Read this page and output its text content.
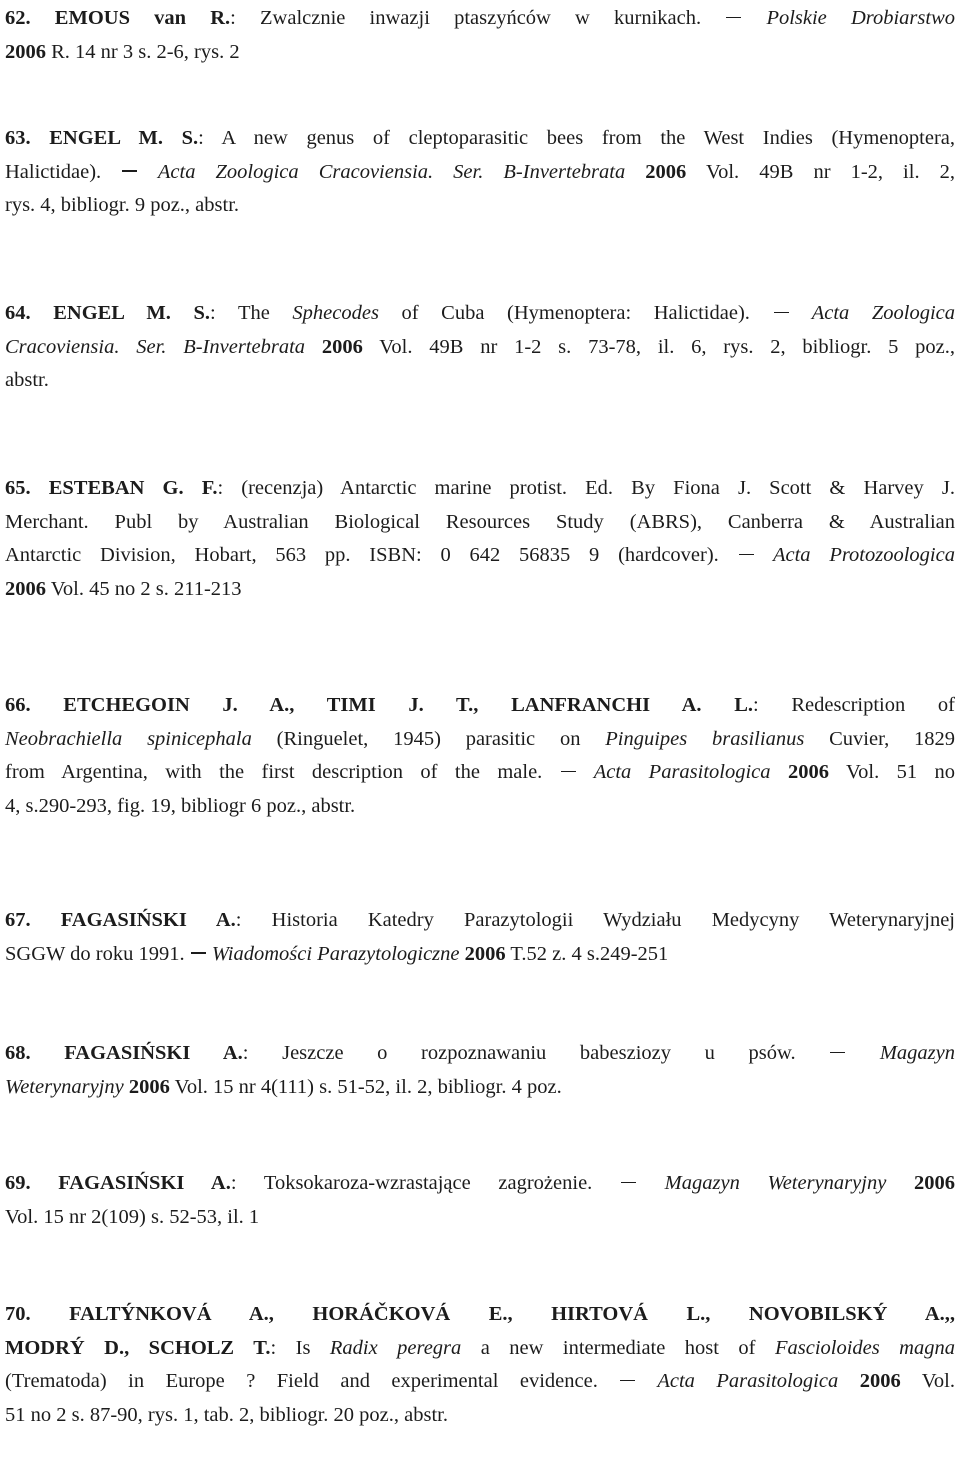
62. EMOUS van R.: Zwalcznie inwazji ptaszyńców w kurnikach.  Polskie Drobiarstwo
2006 R. 14 nr 3 s. 2-6, rys. 2
63. ENGEL M. S.: A new genus of cleptoparasitic bees from the West Indies (Hymenoptera,
Halictidae).  Acta Zoologica Cracoviensia. Ser. B-Invertebrata 2006 Vol. 49B nr 1-2, il. 2,
rys. 4, bibliogr. 9 poz., abstr.
64. ENGEL M. S.: The Sphecodes of Cuba (Hymenoptera: Halictidae).  Acta Zoologica
Cracoviensia. Ser. B-Invertebrata 2006 Vol. 49B nr 1-2 s. 73-78, il. 6, rys. 2, bibliogr. 5 poz.,
abstr.
65. ESTEBAN G. F.: (recenzja) Antarctic marine protist. Ed. By Fiona J. Scott & Harvey J.
Merchant. Publ by Australian Biological Resources Study (ABRS), Canberra & Australian
Antarctic Division, Hobart, 563 pp. ISBN: 0 642 56835 9 (hardcover).  Acta Protozoologica
2006 Vol. 45 no 2 s. 211-213
66. ETCHEGOIN J. A., TIMI J. T., LANFRANCHI A. L.: Redescription of
Neobrachiella spinicephala (Ringuelet, 1945) parasitic on Pinguipes brasilianus Cuvier, 1829
from Argentina, with the first description of the male.  Acta Parasitologica 2006 Vol. 51 no
4, s.290-293, fig. 19, bibliogr 6 poz., abstr.
67. FAGASIŃSKI A.: Historia Katedry Parazytologii Wydziału Medycyny Weterynaryjnej
SGGW do roku 1991.  Wiadomości Parazytologiczne 2006 T.52 z. 4 s.249-251
68. FAGASIŃSKI A.: Jeszcze o rozpoznawaniu babesziozy u psów.  Magazyn
Weterynaryjny 2006 Vol. 15 nr 4(111) s. 51-52, il. 2, bibliogr. 4 poz.
69. FAGASIŃSKI A.: Toksokaroza-wzrastające zagrożenie.  Magazyn Weterynaryjny 2006
Vol. 15 nr 2(109) s. 52-53, il. 1
70. FALTÝNKOVÁ A., HORÁČKOVÁ E., HIRTOVÁ L., NOVOBILSKÝ A.,,
MODRÝ D., SCHOLZ T.: Is Radix peregra a new intermediate host of Fascioloides magna
(Trematoda) in Europe ? Field and experimental evidence.  Acta Parasitologica 2006 Vol.
51 no 2 s. 87-90, rys. 1, tab. 2, bibliogr. 20 poz., abstr.
